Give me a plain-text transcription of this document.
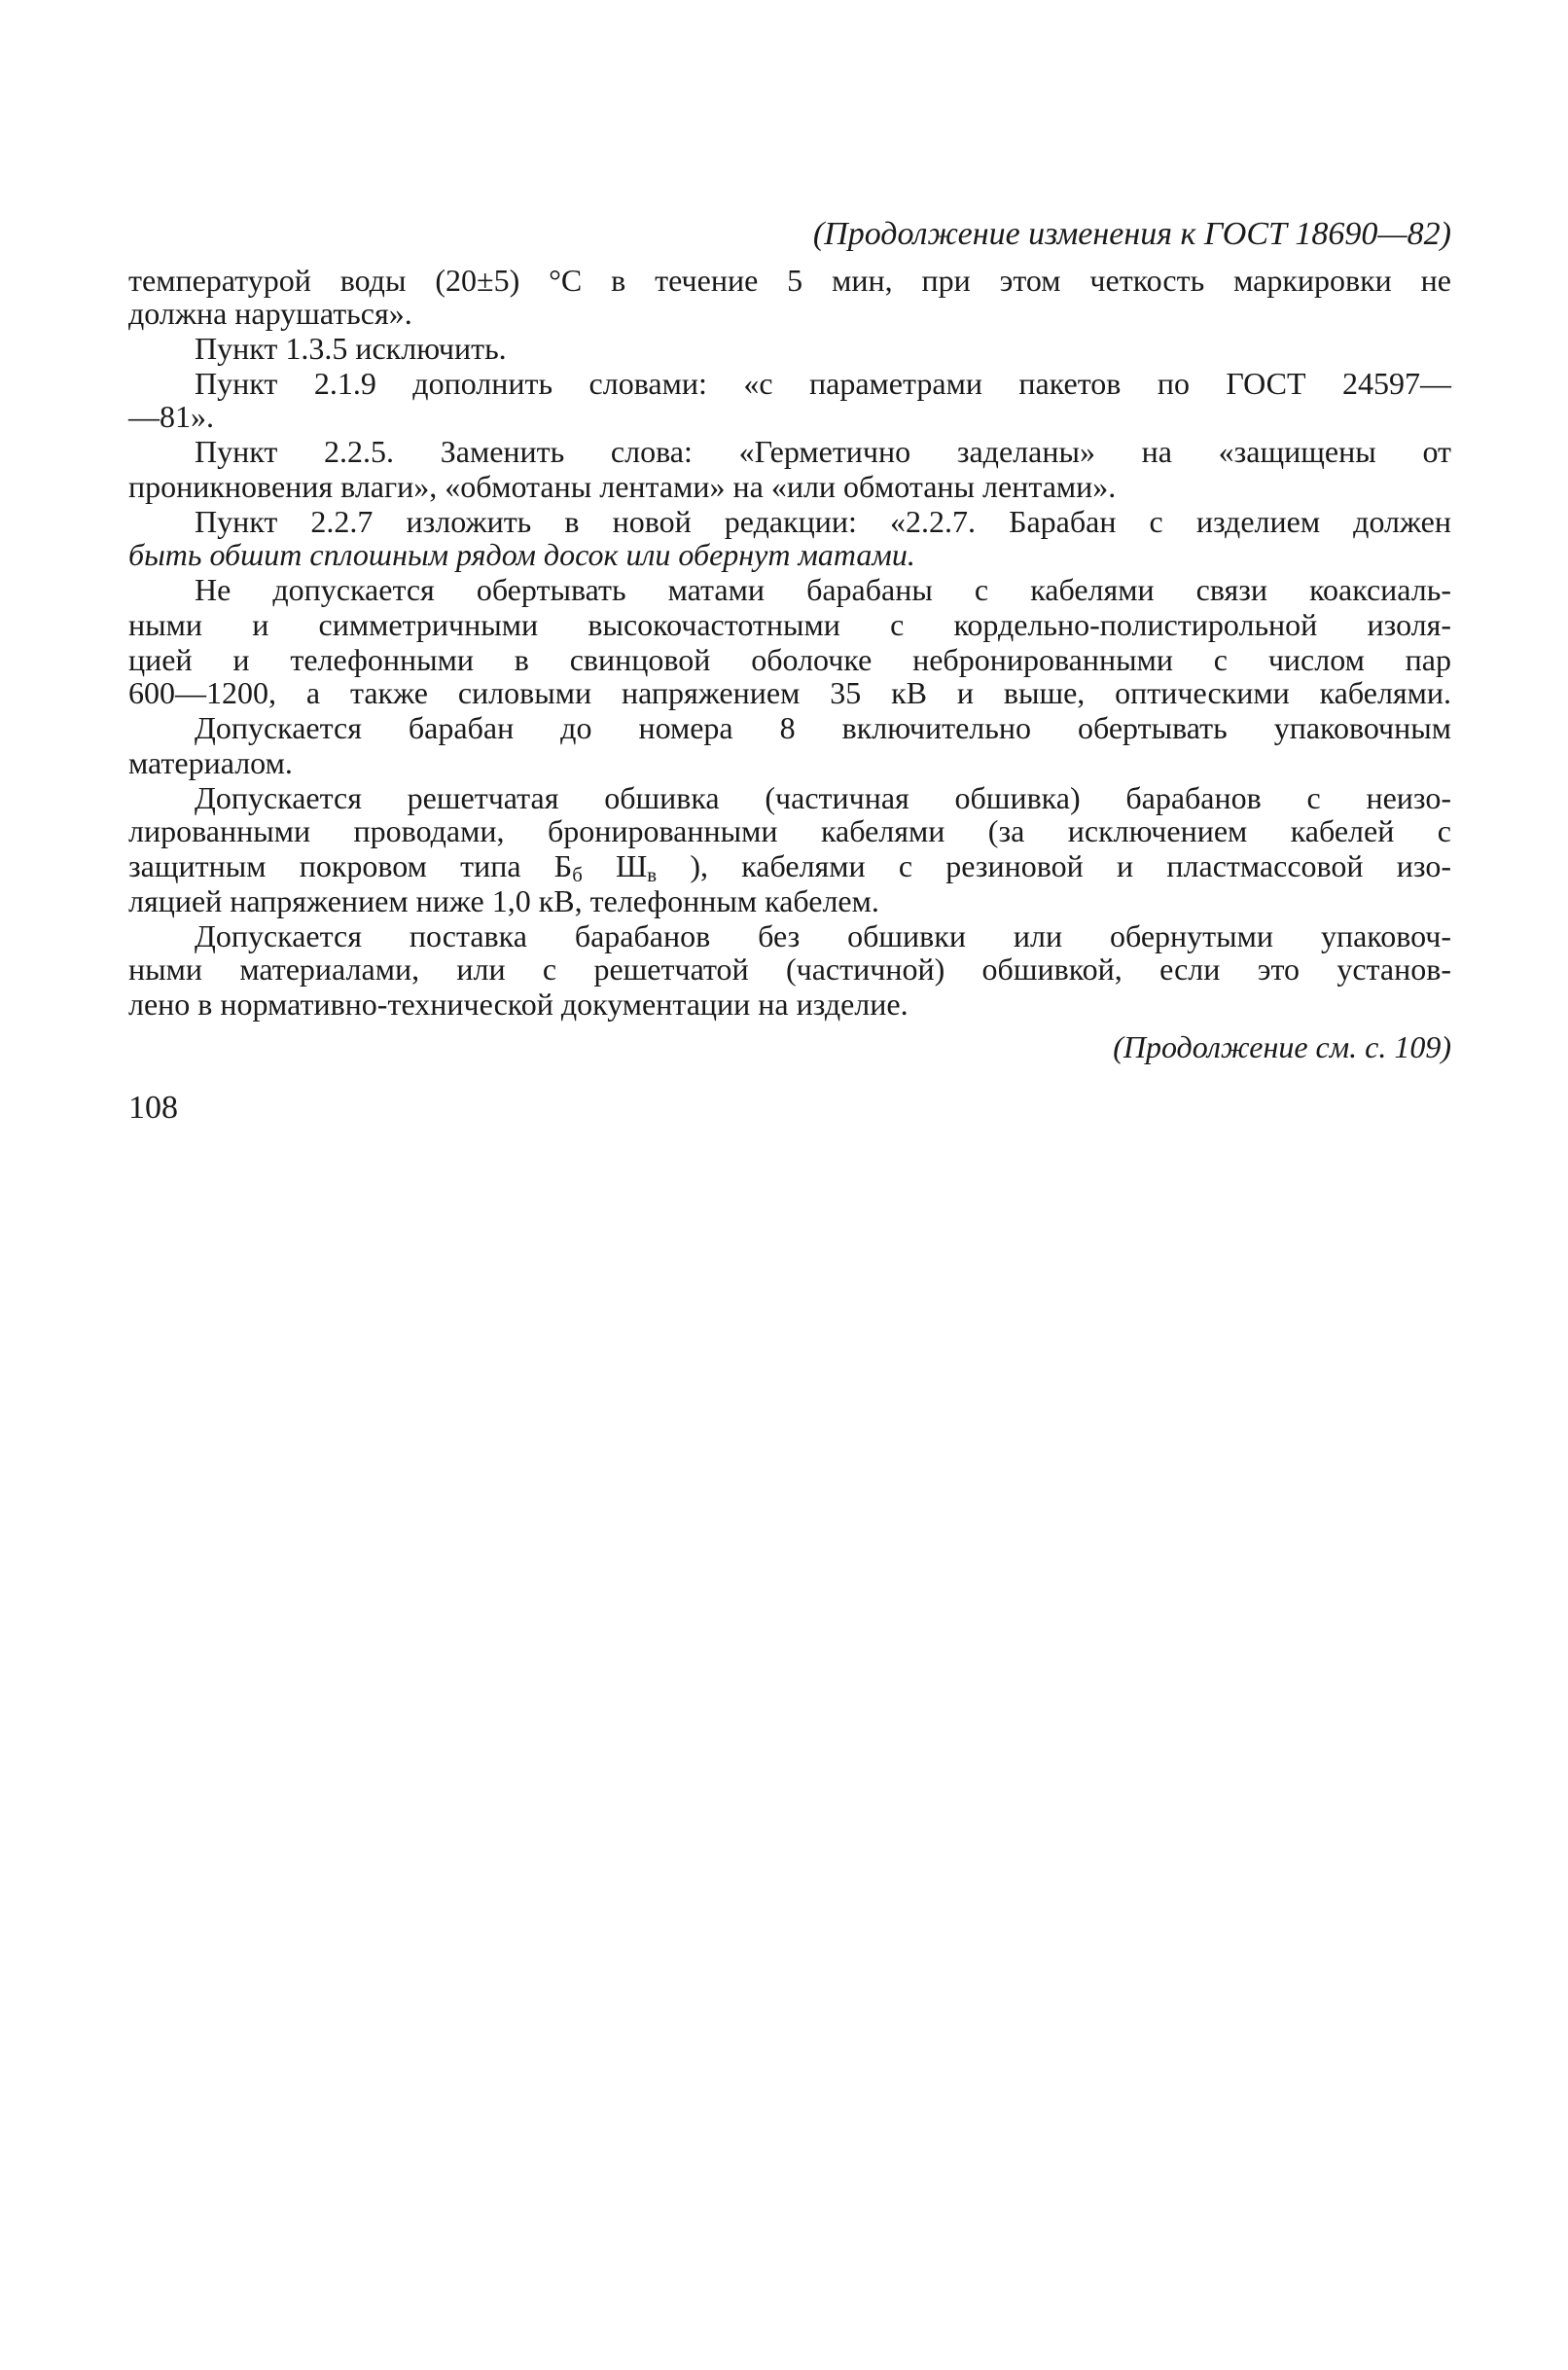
(Продолжение изменения к ГОСТ 18690—82)
температурой воды (20±5) °С в течение 5 мин, при этом четкость маркировки не
должна нарушаться».
Пункт 1.3.5 исключить.
Пункт 2.1.9 дополнить словами: «с параметрами пакетов по ГОСТ 24597—
—81».
Пункт 2.2.5. Заменить слова: «Герметично заделаны» на «защищены от
проникновения влаги», «обмотаны лентами» на «или обмотаны лентами».
Пункт 2.2.7 изложить в новой редакции: «2.2.7. Барабан с изделием должен
быть обшит сплошным рядом досок или обернут матами.
Не допускается обертывать матами барабаны с кабелями связи коаксиаль-
ными и симметричными высокочастотными с кордельно-полистирольной изоля-
цией и телефонными в свинцовой оболочке небронированными с числом пар
600—1200, а также силовыми напряжением 35 кВ и выше, оптическими кабелями.
Допускается барабан до номера 8 включительно обертывать упаковочным
материалом.
Допускается решетчатая обшивка (частичная обшивка) барабанов с неизо-
лированными проводами, бронированными кабелями (за исключением кабелей с
защитным покровом типа $Б_б$ $Ш_в$ ), кабелями с резиновой и пластмассовой изо-
ляцией напряжением ниже 1,0 кВ, телефонным кабелем.
Допускается поставка барабанов без обшивки или обернутыми упаковоч-
ными материалами, или с решетчатой (частичной) обшивкой, если это установ-
лено в нормативно-технической документации на изделие.
(Продолжение см. с. 109)
108
